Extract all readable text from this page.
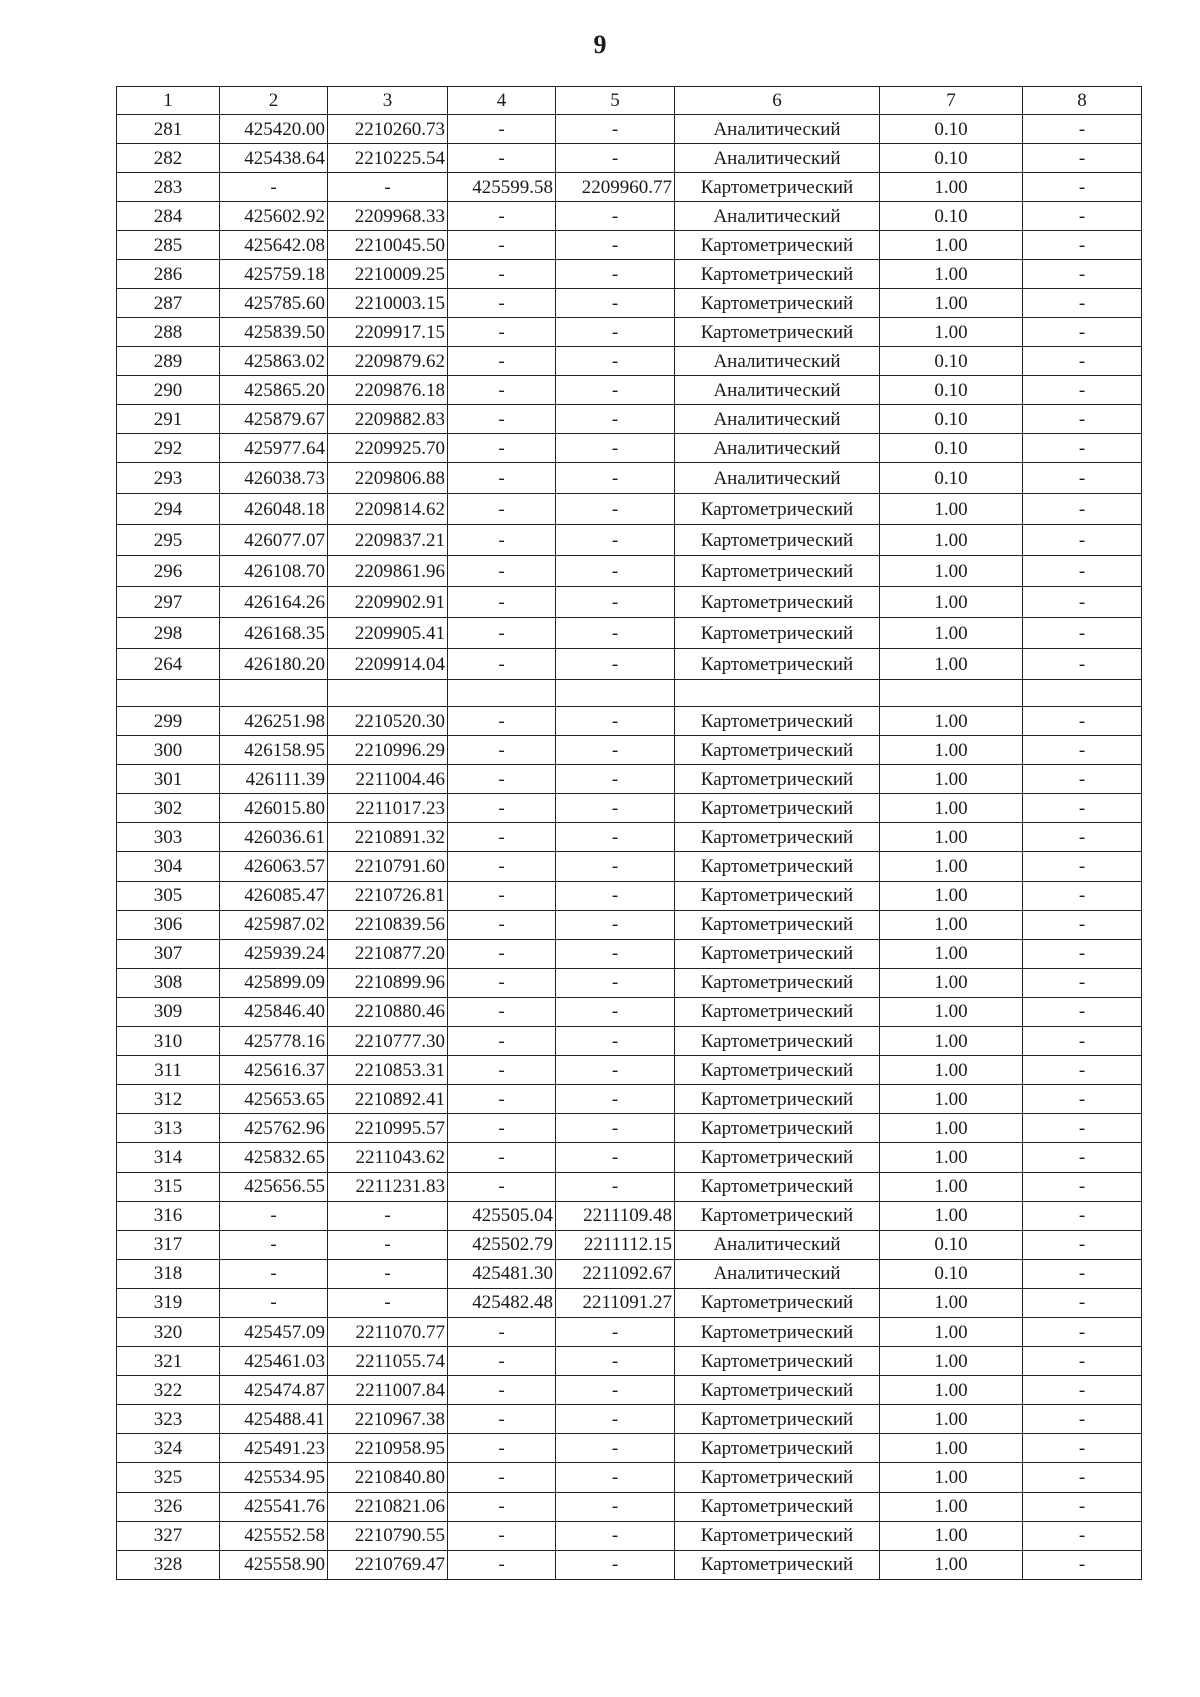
9
1	2	3	4	5	6	7	8
281	425420.00	2210260.73	-	-	Аналитический	0.10	-
282	425438.64	2210225.54	-	-	Аналитический	0.10	-
283	-	-	425599.58	2209960.77	Картометрический	1.00	-
284	425602.92	2209968.33	-	-	Аналитический	0.10	-
285	425642.08	2210045.50	-	-	Картометрический	1.00	-
286	425759.18	2210009.25	-	-	Картометрический	1.00	-
287	425785.60	2210003.15	-	-	Картометрический	1.00	-
288	425839.50	2209917.15	-	-	Картометрический	1.00	-
289	425863.02	2209879.62	-	-	Аналитический	0.10	-
290	425865.20	2209876.18	-	-	Аналитический	0.10	-
291	425879.67	2209882.83	-	-	Аналитический	0.10	-
292	425977.64	2209925.70	-	-	Аналитический	0.10	-
293	426038.73	2209806.88	-	-	Аналитический	0.10	-
294	426048.18	2209814.62	-	-	Картометрический	1.00	-
295	426077.07	2209837.21	-	-	Картометрический	1.00	-
296	426108.70	2209861.96	-	-	Картометрический	1.00	-
297	426164.26	2209902.91	-	-	Картометрический	1.00	-
298	426168.35	2209905.41	-	-	Картометрический	1.00	-
264	426180.20	2209914.04	-	-	Картометрический	1.00	-

299	426251.98	2210520.30	-	-	Картометрический	1.00	-
300	426158.95	2210996.29	-	-	Картометрический	1.00	-
301	426111.39	2211004.46	-	-	Картометрический	1.00	-
302	426015.80	2211017.23	-	-	Картометрический	1.00	-
303	426036.61	2210891.32	-	-	Картометрический	1.00	-
304	426063.57	2210791.60	-	-	Картометрический	1.00	-
305	426085.47	2210726.81	-	-	Картометрический	1.00	-
306	425987.02	2210839.56	-	-	Картометрический	1.00	-
307	425939.24	2210877.20	-	-	Картометрический	1.00	-
308	425899.09	2210899.96	-	-	Картометрический	1.00	-
309	425846.40	2210880.46	-	-	Картометрический	1.00	-
310	425778.16	2210777.30	-	-	Картометрический	1.00	-
311	425616.37	2210853.31	-	-	Картометрический	1.00	-
312	425653.65	2210892.41	-	-	Картометрический	1.00	-
313	425762.96	2210995.57	-	-	Картометрический	1.00	-
314	425832.65	2211043.62	-	-	Картометрический	1.00	-
315	425656.55	2211231.83	-	-	Картометрический	1.00	-
316	-	-	425505.04	2211109.48	Картометрический	1.00	-
317	-	-	425502.79	2211112.15	Аналитический	0.10	-
318	-	-	425481.30	2211092.67	Аналитический	0.10	-
319	-	-	425482.48	2211091.27	Картометрический	1.00	-
320	425457.09	2211070.77	-	-	Картометрический	1.00	-
321	425461.03	2211055.74	-	-	Картометрический	1.00	-
322	425474.87	2211007.84	-	-	Картометрический	1.00	-
323	425488.41	2210967.38	-	-	Картометрический	1.00	-
324	425491.23	2210958.95	-	-	Картометрический	1.00	-
325	425534.95	2210840.80	-	-	Картометрический	1.00	-
326	425541.76	2210821.06	-	-	Картометрический	1.00	-
327	425552.58	2210790.55	-	-	Картометрический	1.00	-
328	425558.90	2210769.47	-	-	Картометрический	1.00	-
